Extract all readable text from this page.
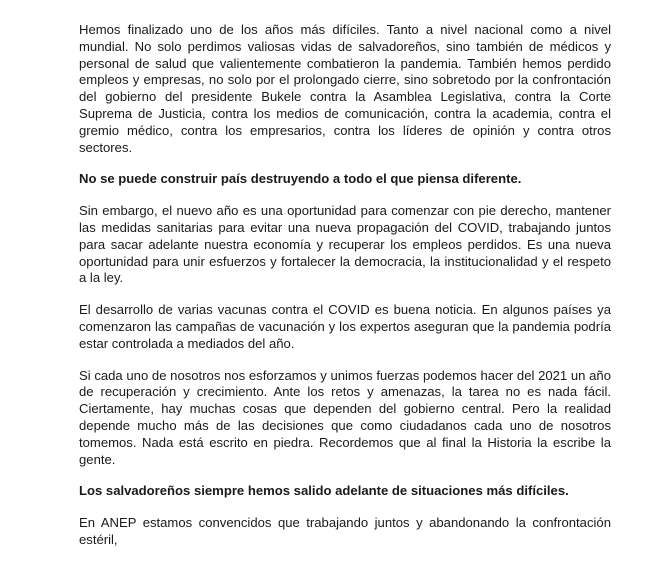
Hemos finalizado uno de los años más difíciles. Tanto a nivel nacional como a nivel mundial. No solo perdimos valiosas vidas de salvadoreños, sino también de médicos y personal de salud que valientemente combatieron la pandemia. También hemos perdido empleos y empresas, no solo por el prolongado cierre, sino sobretodo por la confrontación del gobierno del presidente Bukele contra la Asamblea Legislativa, contra la Corte Suprema de Justicia, contra los medios de comunicación, contra la academia, contra el gremio médico, contra los empresarios, contra los líderes de opinión y contra otros sectores.

No se puede construir país destruyendo a todo el que piensa diferente.

Sin embargo, el nuevo año es una oportunidad para comenzar con pie derecho, mantener las medidas sanitarias para evitar una nueva propagación del COVID, trabajando juntos para sacar adelante nuestra economía y recuperar los empleos perdidos. Es una nueva oportunidad para unir esfuerzos y fortalecer la democracia, la institucionalidad y el respeto a la ley.

El desarrollo de varias vacunas contra el COVID es buena noticia. En algunos países ya comenzaron las campañas de vacunación y los expertos aseguran que la pandemia podría estar controlada a mediados del año.

Si cada uno de nosotros nos esforzamos y unimos fuerzas podemos hacer del 2021 un año de recuperación y crecimiento. Ante los retos y amenazas, la tarea no es nada fácil. Ciertamente, hay muchas cosas que dependen del gobierno central. Pero la realidad depende mucho más de las decisiones que como ciudadanos cada uno de nosotros tomemos. Nada está escrito en piedra. Recordemos que al final la Historia la escribe la gente.

Los salvadoreños siempre hemos salido adelante de situaciones más difíciles.

En ANEP estamos convencidos que trabajando juntos y abandonando la confrontación estéril,
